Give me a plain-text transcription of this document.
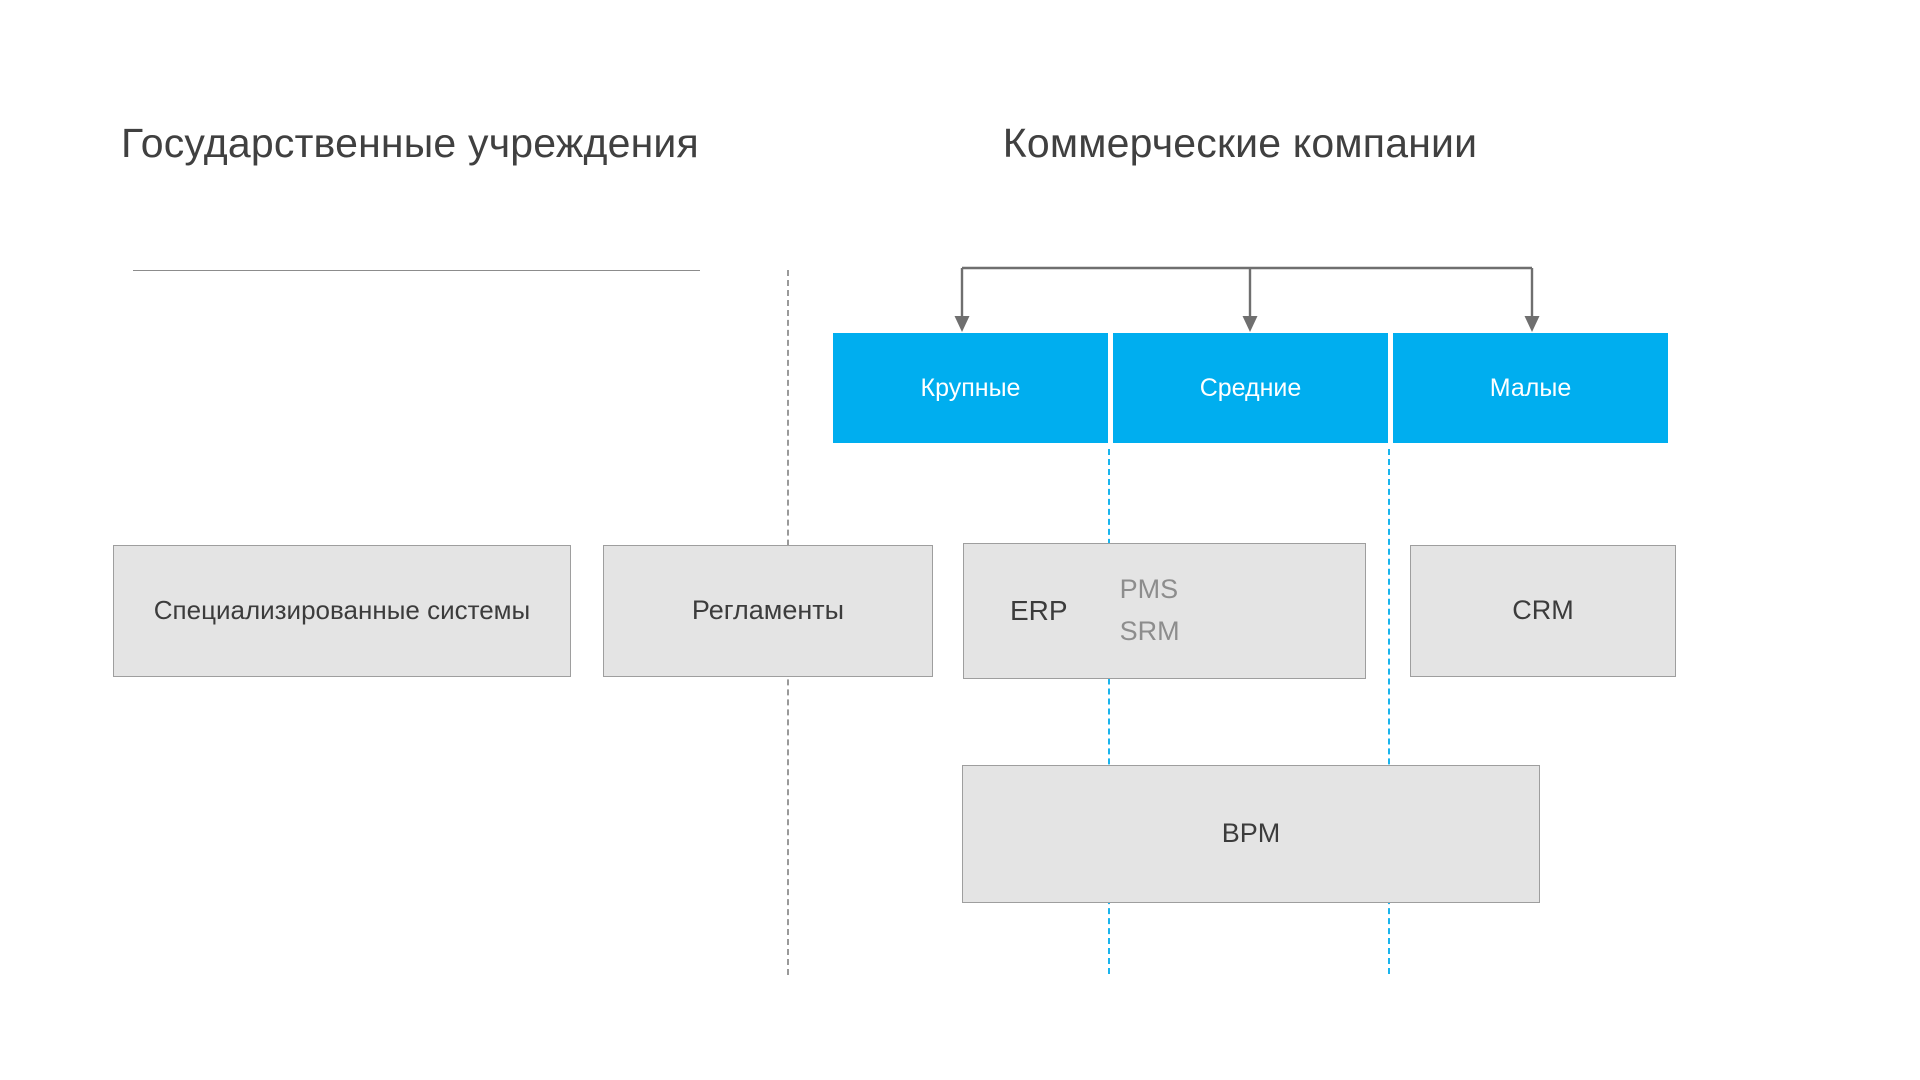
Государственные учреждения	Коммерческие компании
Крупные	Средние	Малые
Специализированные системы	Регламенты	ERP
PMS
SRM
CRM
BPM
